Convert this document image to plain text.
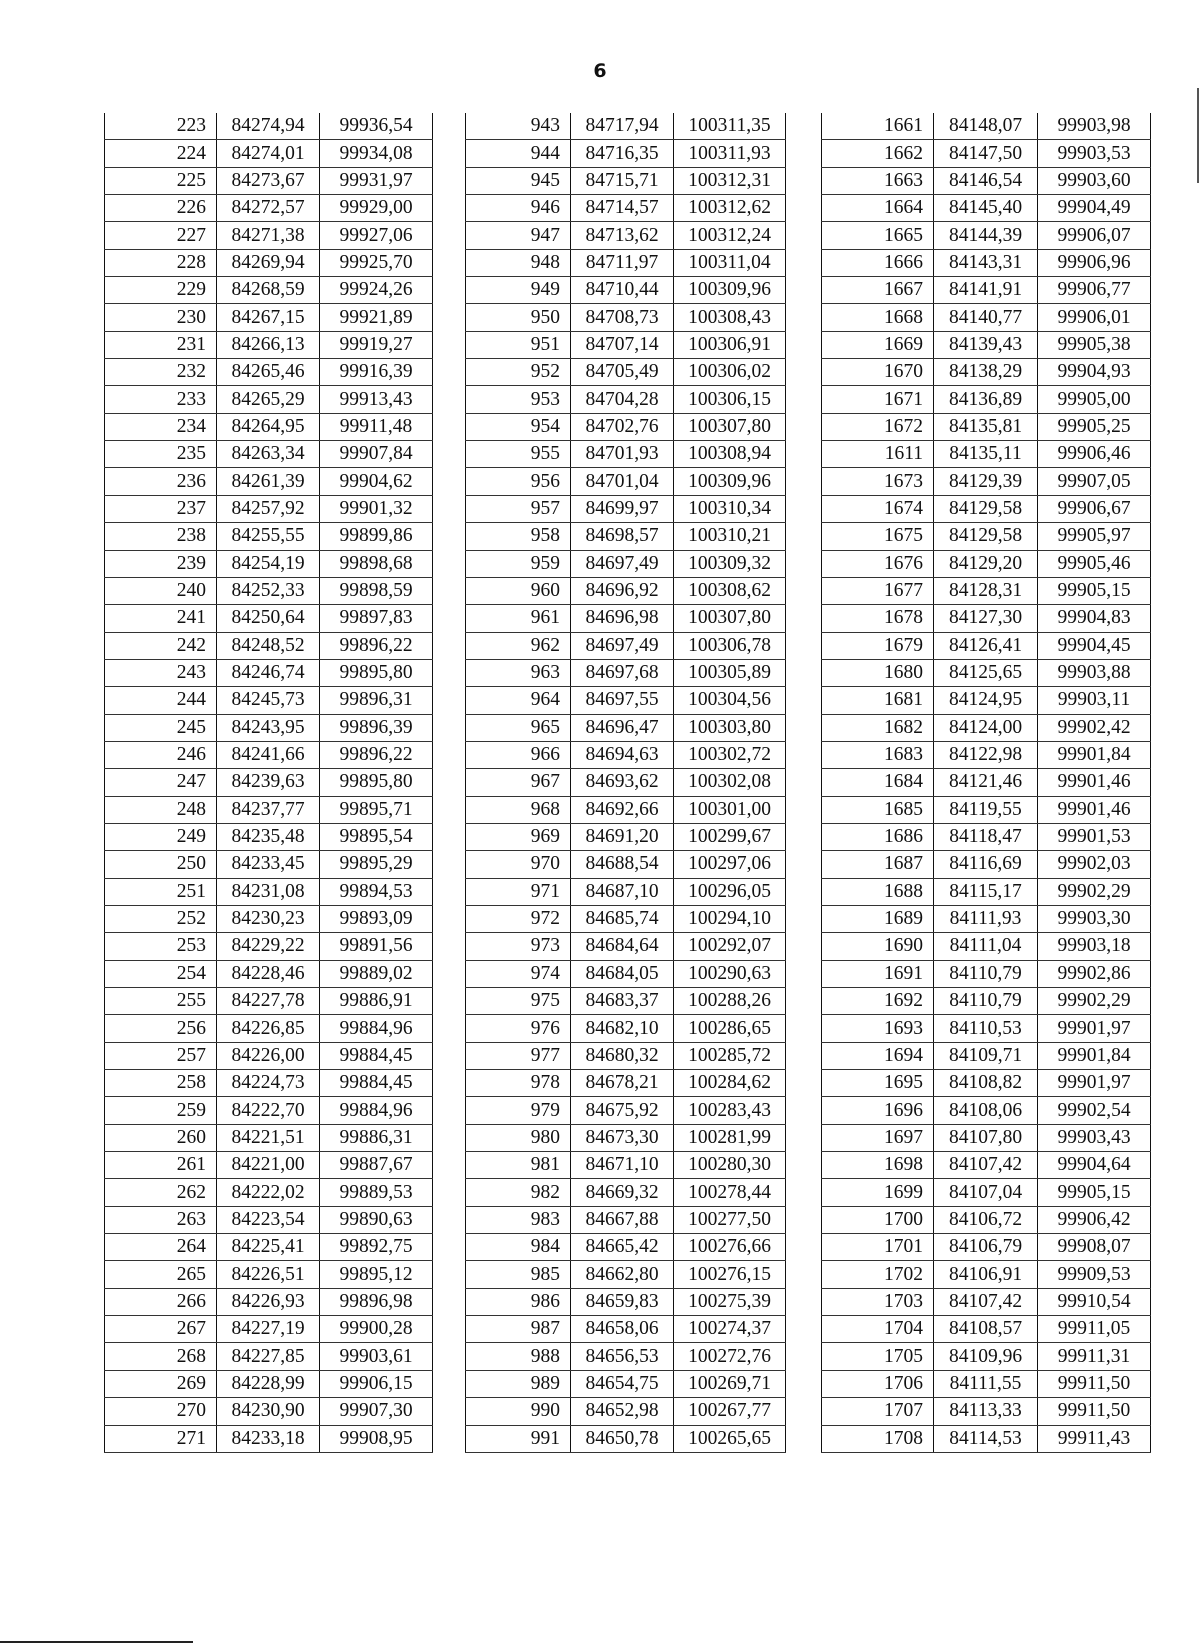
6
223	84274,94	99936,54
224	84274,01	99934,08
225	84273,67	99931,97
226	84272,57	99929,00
227	84271,38	99927,06
228	84269,94	99925,70
229	84268,59	99924,26
230	84267,15	99921,89
231	84266,13	99919,27
232	84265,46	99916,39
233	84265,29	99913,43
234	84264,95	99911,48
235	84263,34	99907,84
236	84261,39	99904,62
237	84257,92	99901,32
238	84255,55	99899,86
239	84254,19	99898,68
240	84252,33	99898,59
241	84250,64	99897,83
242	84248,52	99896,22
243	84246,74	99895,80
244	84245,73	99896,31
245	84243,95	99896,39
246	84241,66	99896,22
247	84239,63	99895,80
248	84237,77	99895,71
249	84235,48	99895,54
250	84233,45	99895,29
251	84231,08	99894,53
252	84230,23	99893,09
253	84229,22	99891,56
254	84228,46	99889,02
255	84227,78	99886,91
256	84226,85	99884,96
257	84226,00	99884,45
258	84224,73	99884,45
259	84222,70	99884,96
260	84221,51	99886,31
261	84221,00	99887,67
262	84222,02	99889,53
263	84223,54	99890,63
264	84225,41	99892,75
265	84226,51	99895,12
266	84226,93	99896,98
267	84227,19	99900,28
268	84227,85	99903,61
269	84228,99	99906,15
270	84230,90	99907,30
271	84233,18	99908,95
943	84717,94	100311,35
944	84716,35	100311,93
945	84715,71	100312,31
946	84714,57	100312,62
947	84713,62	100312,24
948	84711,97	100311,04
949	84710,44	100309,96
950	84708,73	100308,43
951	84707,14	100306,91
952	84705,49	100306,02
953	84704,28	100306,15
954	84702,76	100307,80
955	84701,93	100308,94
956	84701,04	100309,96
957	84699,97	100310,34
958	84698,57	100310,21
959	84697,49	100309,32
960	84696,92	100308,62
961	84696,98	100307,80
962	84697,49	100306,78
963	84697,68	100305,89
964	84697,55	100304,56
965	84696,47	100303,80
966	84694,63	100302,72
967	84693,62	100302,08
968	84692,66	100301,00
969	84691,20	100299,67
970	84688,54	100297,06
971	84687,10	100296,05
972	84685,74	100294,10
973	84684,64	100292,07
974	84684,05	100290,63
975	84683,37	100288,26
976	84682,10	100286,65
977	84680,32	100285,72
978	84678,21	100284,62
979	84675,92	100283,43
980	84673,30	100281,99
981	84671,10	100280,30
982	84669,32	100278,44
983	84667,88	100277,50
984	84665,42	100276,66
985	84662,80	100276,15
986	84659,83	100275,39
987	84658,06	100274,37
988	84656,53	100272,76
989	84654,75	100269,71
990	84652,98	100267,77
991	84650,78	100265,65
1661	84148,07	99903,98
1662	84147,50	99903,53
1663	84146,54	99903,60
1664	84145,40	99904,49
1665	84144,39	99906,07
1666	84143,31	99906,96
1667	84141,91	99906,77
1668	84140,77	99906,01
1669	84139,43	99905,38
1670	84138,29	99904,93
1671	84136,89	99905,00
1672	84135,81	99905,25
1611	84135,11	99906,46
1673	84129,39	99907,05
1674	84129,58	99906,67
1675	84129,58	99905,97
1676	84129,20	99905,46
1677	84128,31	99905,15
1678	84127,30	99904,83
1679	84126,41	99904,45
1680	84125,65	99903,88
1681	84124,95	99903,11
1682	84124,00	99902,42
1683	84122,98	99901,84
1684	84121,46	99901,46
1685	84119,55	99901,46
1686	84118,47	99901,53
1687	84116,69	99902,03
1688	84115,17	99902,29
1689	84111,93	99903,30
1690	84111,04	99903,18
1691	84110,79	99902,86
1692	84110,79	99902,29
1693	84110,53	99901,97
1694	84109,71	99901,84
1695	84108,82	99901,97
1696	84108,06	99902,54
1697	84107,80	99903,43
1698	84107,42	99904,64
1699	84107,04	99905,15
1700	84106,72	99906,42
1701	84106,79	99908,07
1702	84106,91	99909,53
1703	84107,42	99910,54
1704	84108,57	99911,05
1705	84109,96	99911,31
1706	84111,55	99911,50
1707	84113,33	99911,50
1708	84114,53	99911,43
